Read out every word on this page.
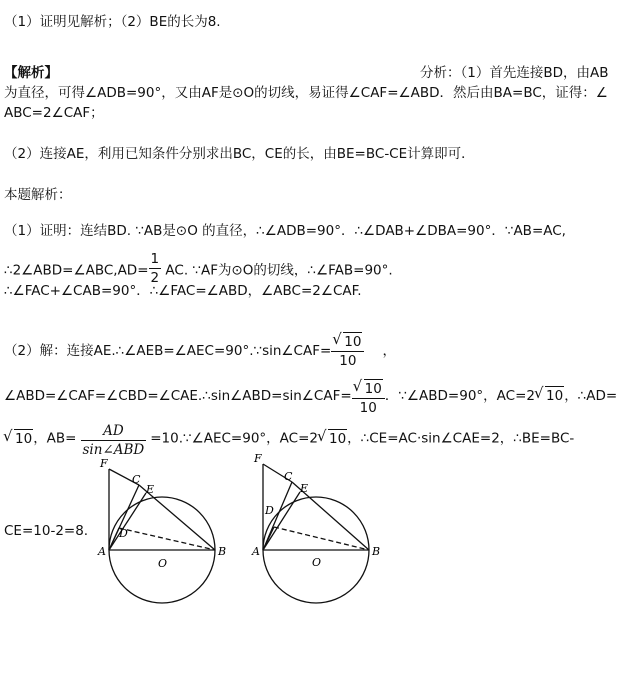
（1）证明见解析；（2）BE的长为8.
【解析】	分析：（1）首先连接BD，由AB
为直径，可得∠ADB=90°，又由AF是⊙O的切线，易证得∠CAF=∠ABD．然后由BA=BC，证得：∠
ABC=2∠CAF；
（2）连接AE，利用已知条件分别求出BC，CE的长，由BE=BC-CE计算即可．
本题解析：
（1）证明：连结BD. ∵AB是⊙O 的直径，∴∠ADB=90°．∴∠DAB+∠DBA=90°．∵AB=AC,
∴2∠ABD=∠ABC,AD= $\frac{1}{2}$ AC. ∵AF为⊙O的切线，∴∠FAB=90°.
∴∠FAC+∠CAB=90°．∴∠FAC=∠ABD，∠ABC=2∠CAF.
（2）解：连接AE.∴∠AEB=∠AEC=90°.∵sin∠CAF= √ $\frac{10}{10}$ ，
∠ABD=∠CAF=∠CBD=∠CAE.∴sin∠ABD=sin∠CAF= √ $\frac{10}{10}$ ．∵∠ABD=90°，AC=2 √ 10，∴AD=
√ 10，$AB= \frac{AD}{\text{sin∠ABD}}$ =10.∵∠AEC=90°，AC=2 √ 10，∴CE=AC·sin∠CAE=2，∴BE=BC-
CE=10-2=8.
F
C
E
D
A	B
O
F
C
E
D
A	B
O
